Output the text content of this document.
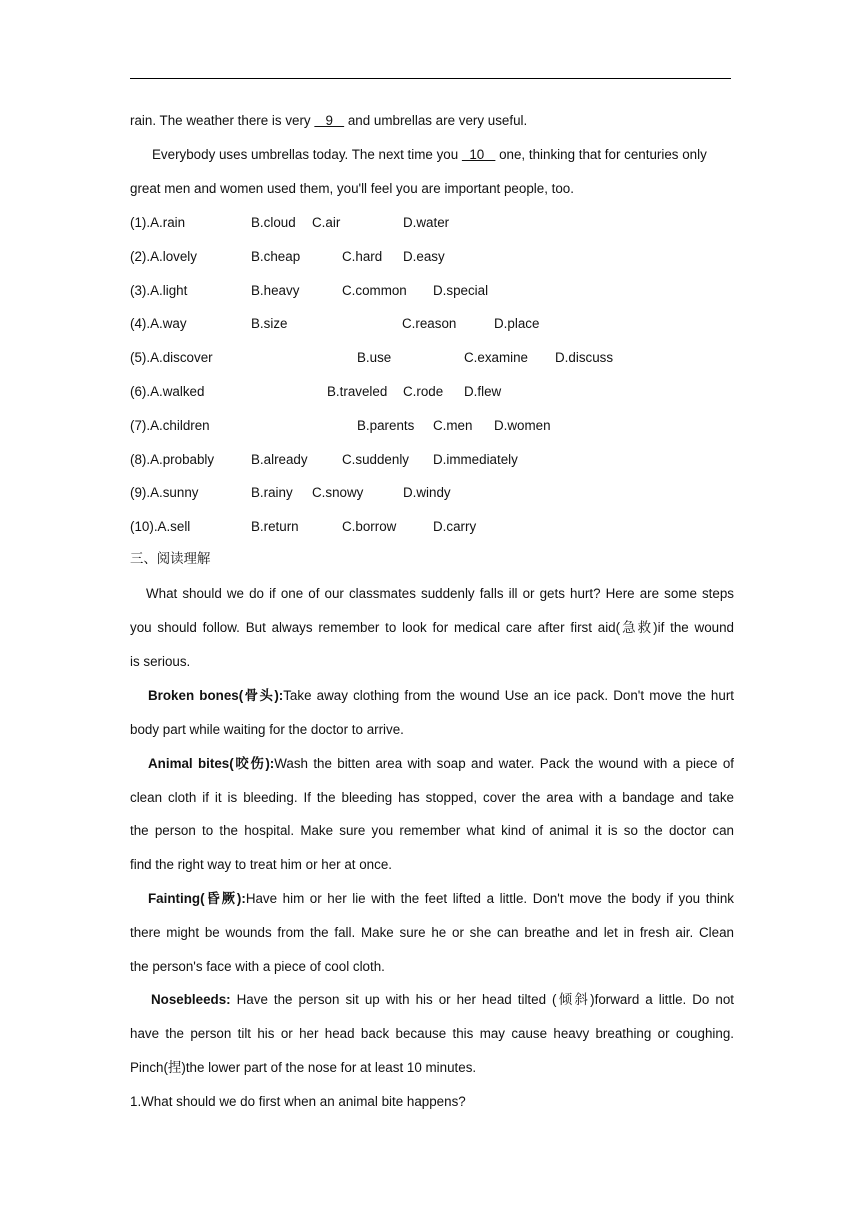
rain. The weather there is very    9    and umbrellas are very useful.
Everybody uses umbrellas today. The next time you   10    one, thinking that for centuries only
great men and women used them, you'll feel you are important people, too.
(1).A.rain	B.cloud C.air	D.water
(2).A.lovely	B.cheap	C.hard D.easy
(3).A.light	B.heavy	C.common D.special
(4).A.way	B.size	C.reason	D.place
(5).A.discover	B.use	C.examine D.discuss
(6).A.walked	B.traveled C.rode D.flew
(7).A.children	B.parents C.men D.women
(8).A.probably	B.already	C.suddenly D.immediately
(9).A.sunny	B.rainy C.snowy	D.windy
(10).A.sell	B.return	C.borrow	D.carry
三、阅读理解
What should we do if one of our classmates suddenly falls ill or gets hurt? Here are some steps
you should follow. But always remember to look for medical care after first aid(急救)if the wound
is serious.
Broken bones(骨头):Take away clothing from the wound Use an ice pack. Don't move the hurt
body part while waiting for the doctor to arrive.
Animal bites(咬伤):Wash the bitten area with soap and water. Pack the wound with a piece of
clean cloth if it is bleeding. If the bleeding has stopped, cover the area with a bandage and take
the person to the hospital. Make sure you remember what kind of animal it is so the doctor can
find the right way to treat him or her at once.
Fainting(昏厥):Have him or her lie with the feet lifted a little. Don't move the body if you think
there might be wounds from the fall. Make sure he or she can breathe and let in fresh air. Clean
the person's face with a piece of cool cloth.
Nosebleeds: Have the person sit up with his or her head tilted (倾斜)forward a little. Do not
have the person tilt his or her head back because this may cause heavy breathing or coughing.
Pinch(捏)the lower part of the nose for at least 10 minutes.
1.What should we do first when an animal bite happens?
